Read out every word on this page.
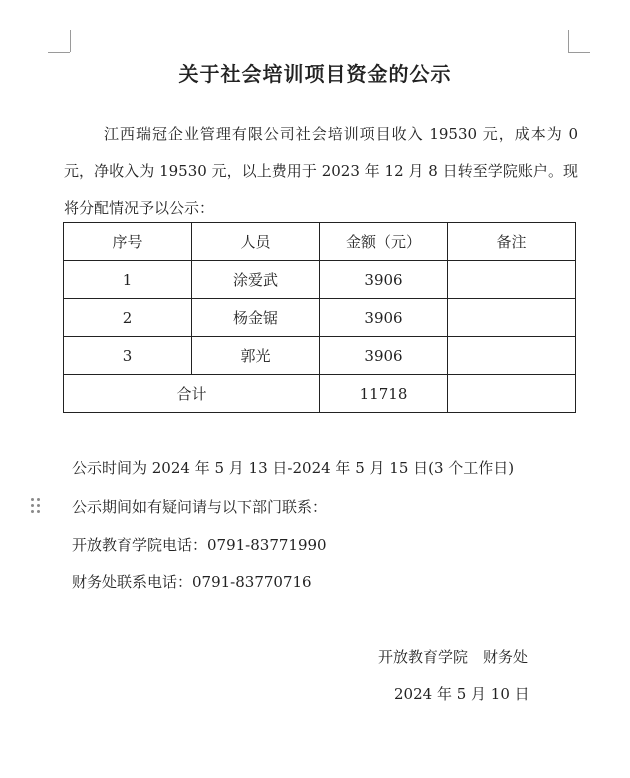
关于社会培训项目资金的公示
江西瑞冠企业管理有限公司社会培训项目收入 19530 元，成本为 0 元，净收入为 19530 元，以上费用于 2023 年 12 月 8 日转至学院账户。现将分配情况予以公示：
序号	人员	金额（元）	备注
1	涂爱武	3906	
2	杨金锯	3906	
3	郭光	3906	
合计		11718	
公示时间为 2024 年 5 月 13 日-2024 年 5 月 15 日(3 个工作日)
公示期间如有疑问请与以下部门联系：
开放教育学院电话：0791-83771990
财务处联系电话：0791-83770716
开放教育学院　财务处
2024 年 5 月 10 日
